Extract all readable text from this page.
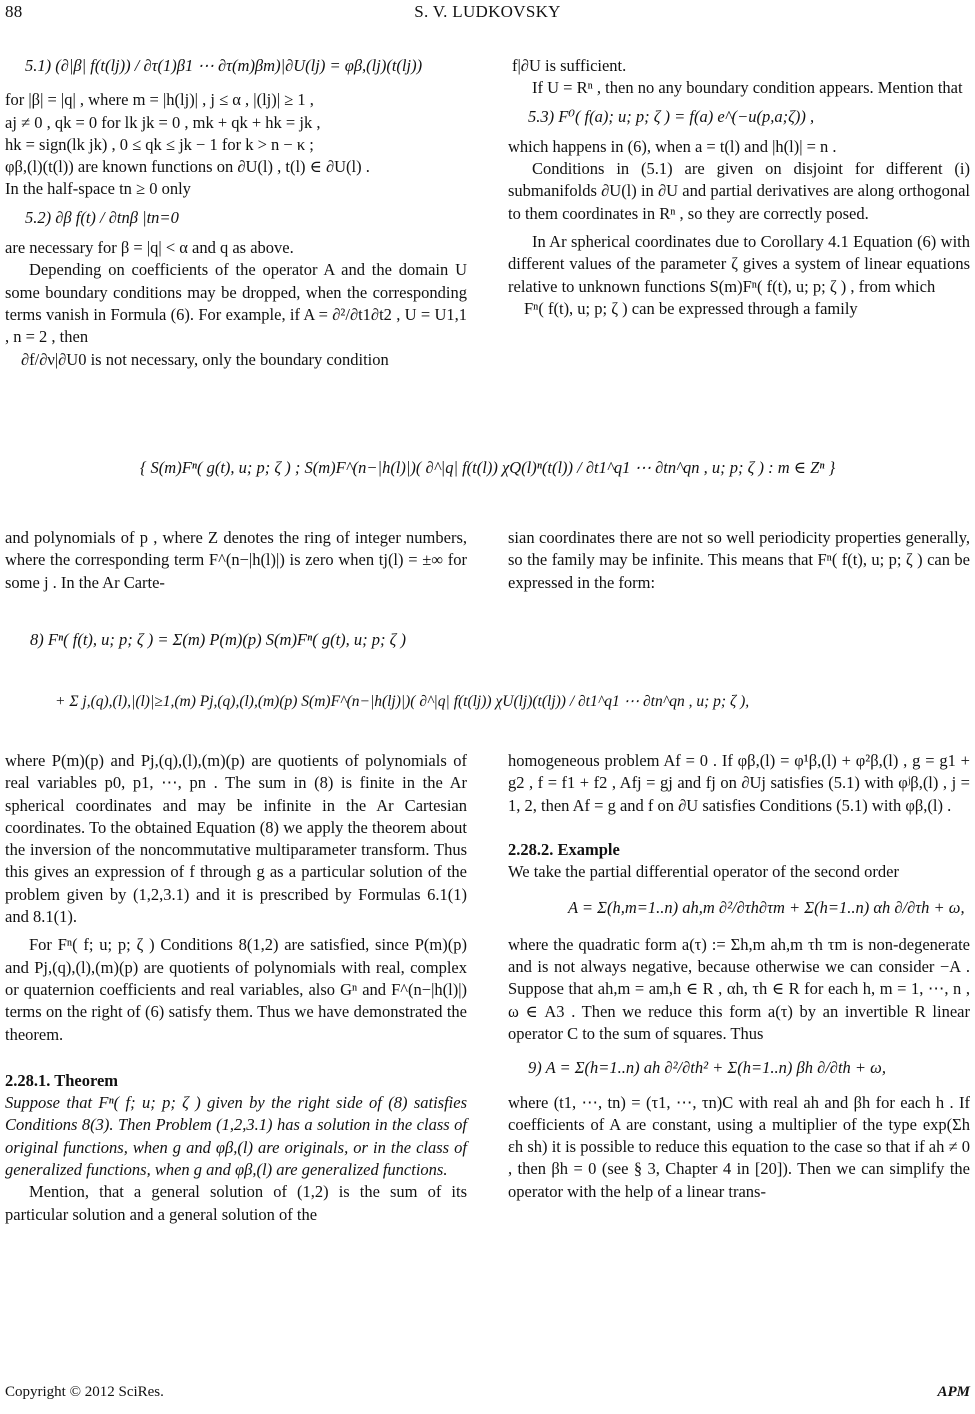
88	S. V. LUDKOVSKY

5.1) (∂|β| f(t(lj)) / ∂τ(1)β1 ⋯ ∂τ(m)βm)|∂U(lj) = φβ,(lj)(t(lj))

for |β| = |q| , where m = |h(lj)| , j ≤ α , |(lj)| ≥ 1 ,

aj ≠ 0 , qk = 0 for lk jk = 0 , mk + qk + hk = jk ,

hk = sign(lk jk) , 0 ≤ qk ≤ jk − 1 for k > n − κ ;

φβ,(l)(t(l)) are known functions on ∂U(l) , t(l) ∈ ∂U(l) .

In the half-space tn ≥ 0 only

5.2) ∂β f(t) / ∂tnβ |tn=0

are necessary for β = |q| < α and q as above.

Depending on coefficients of the operator A and the domain U some boundary conditions may be dropped, when the corresponding terms vanish in Formula (6). For example, if A = ∂²/∂t1∂t2 , U = U1,1 , n = 2 , then

∂f/∂ν|∂U0 is not necessary, only the boundary condition

f|∂U is sufficient.

If U = Rⁿ , then no any boundary condition appears. Mention that

5.3) F⁰( f(a); u; p; ζ ) = f(a) e^(−u(p,a;ζ)) ,

which happens in (6), when a = t(l) and |h(l)| = n .

Conditions in (5.1) are given on disjoint for different (i) submanifolds ∂U(l) in ∂U and partial derivatives are along orthogonal to them coordinates in Rⁿ , so they are correctly posed.

In Ar spherical coordinates due to Corollary 4.1 Equation (6) with different values of the parameter ζ gives a system of linear equations relative to unknown functions S(m)Fⁿ( f(t), u; p; ζ ) , from which

Fⁿ( f(t), u; p; ζ ) can be expressed through a family

{ S(m)Fⁿ( g(t), u; p; ζ ) ; S(m)F^(n−|h(l)|)( ∂^|q| f(t(l)) χQ(l)ⁿ(t(l)) / ∂t1^q1 ⋯ ∂tn^qn , u; p; ζ ) : m ∈ Zⁿ }

and polynomials of p , where Z denotes the ring of integer numbers, where the corresponding term F^(n−|h(l)|) is zero when tj(l) = ±∞ for some j . In the Ar Carte-

sian coordinates there are not so well periodicity properties generally, so the family may be infinite. This means that Fⁿ( f(t), u; p; ζ ) can be expressed in the form:

8) Fⁿ( f(t), u; p; ζ ) = Σ(m) P(m)(p) S(m)Fⁿ( g(t), u; p; ζ )
+ Σ j,(q),(l),|(l)|≥1,(m) Pj,(q),(l),(m)(p) S(m)F^(n−|h(lj)|)( ∂^|q| f(t(lj)) χU(lj)(t(lj)) / ∂t1^q1 ⋯ ∂tn^qn , u; p; ζ ),

where P(m)(p) and Pj,(q),(l),(m)(p) are quotients of polynomials of real variables p0, p1, ⋯, pn . The sum in (8) is finite in the Ar spherical coordinates and may be infinite in the Ar Cartesian coordinates. To the obtained Equation (8) we apply the theorem about the inversion of the noncommutative multiparameter transform. Thus this gives an expression of f through g as a particular solution of the problem given by (1,2,3.1) and it is prescribed by Formulas 6.1(1) and 8.1(1).

For Fⁿ( f; u; p; ζ ) Conditions 8(1,2) are satisfied, since P(m)(p) and Pj,(q),(l),(m)(p) are quotients of polynomials with real, complex or quaternion coefficients and real variables, also Gⁿ and F^(n−|h(l)|) terms on the right of (6) satisfy them. Thus we have demonstrated the theorem.

2.28.1. Theorem

Suppose that Fⁿ( f; u; p; ζ ) given by the right side of (8) satisfies Conditions 8(3). Then Problem (1,2,3.1) has a solution in the class of original functions, when g and φβ,(l) are originals, or in the class of generalized functions, when g and φβ,(l) are generalized functions.

Mention, that a general solution of (1,2) is the sum of its particular solution and a general solution of the

homogeneous problem Af = 0 . If φβ,(l) = φ¹β,(l) + φ²β,(l) , g = g1 + g2 , f = f1 + f2 , Afj = gj and fj on ∂Uj satisfies (5.1) with φʲβ,(l) , j = 1, 2, then Af = g and f on ∂U satisfies Conditions (5.1) with φβ,(l) .

2.28.2. Example

We take the partial differential operator of the second order

A = Σ(h,m=1..n) ah,m ∂²/∂τh∂τm + Σ(h=1..n) αh ∂/∂τh + ω,

where the quadratic form a(τ) := Σh,m ah,m τh τm is non-degenerate and is not always negative, because otherwise we can consider −A . Suppose that ah,m = am,h ∈ R , αh, τh ∈ R for each h, m = 1, ⋯, n , ω ∈ A3 . Then we reduce this form a(τ) by an invertible R linear operator C to the sum of squares. Thus

9) A = Σ(h=1..n) ah ∂²/∂th² + Σ(h=1..n) βh ∂/∂th + ω,

where (t1, ⋯, tn) = (τ1, ⋯, τn)C with real ah and βh for each h . If coefficients of A are constant, using a multiplier of the type exp(Σh εh sh) it is possible to reduce this equation to the case so that if ah ≠ 0 , then βh = 0 (see § 3, Chapter 4 in [20]). Then we can simplify the operator with the help of a linear trans-

Copyright © 2012 SciRes.	APM
